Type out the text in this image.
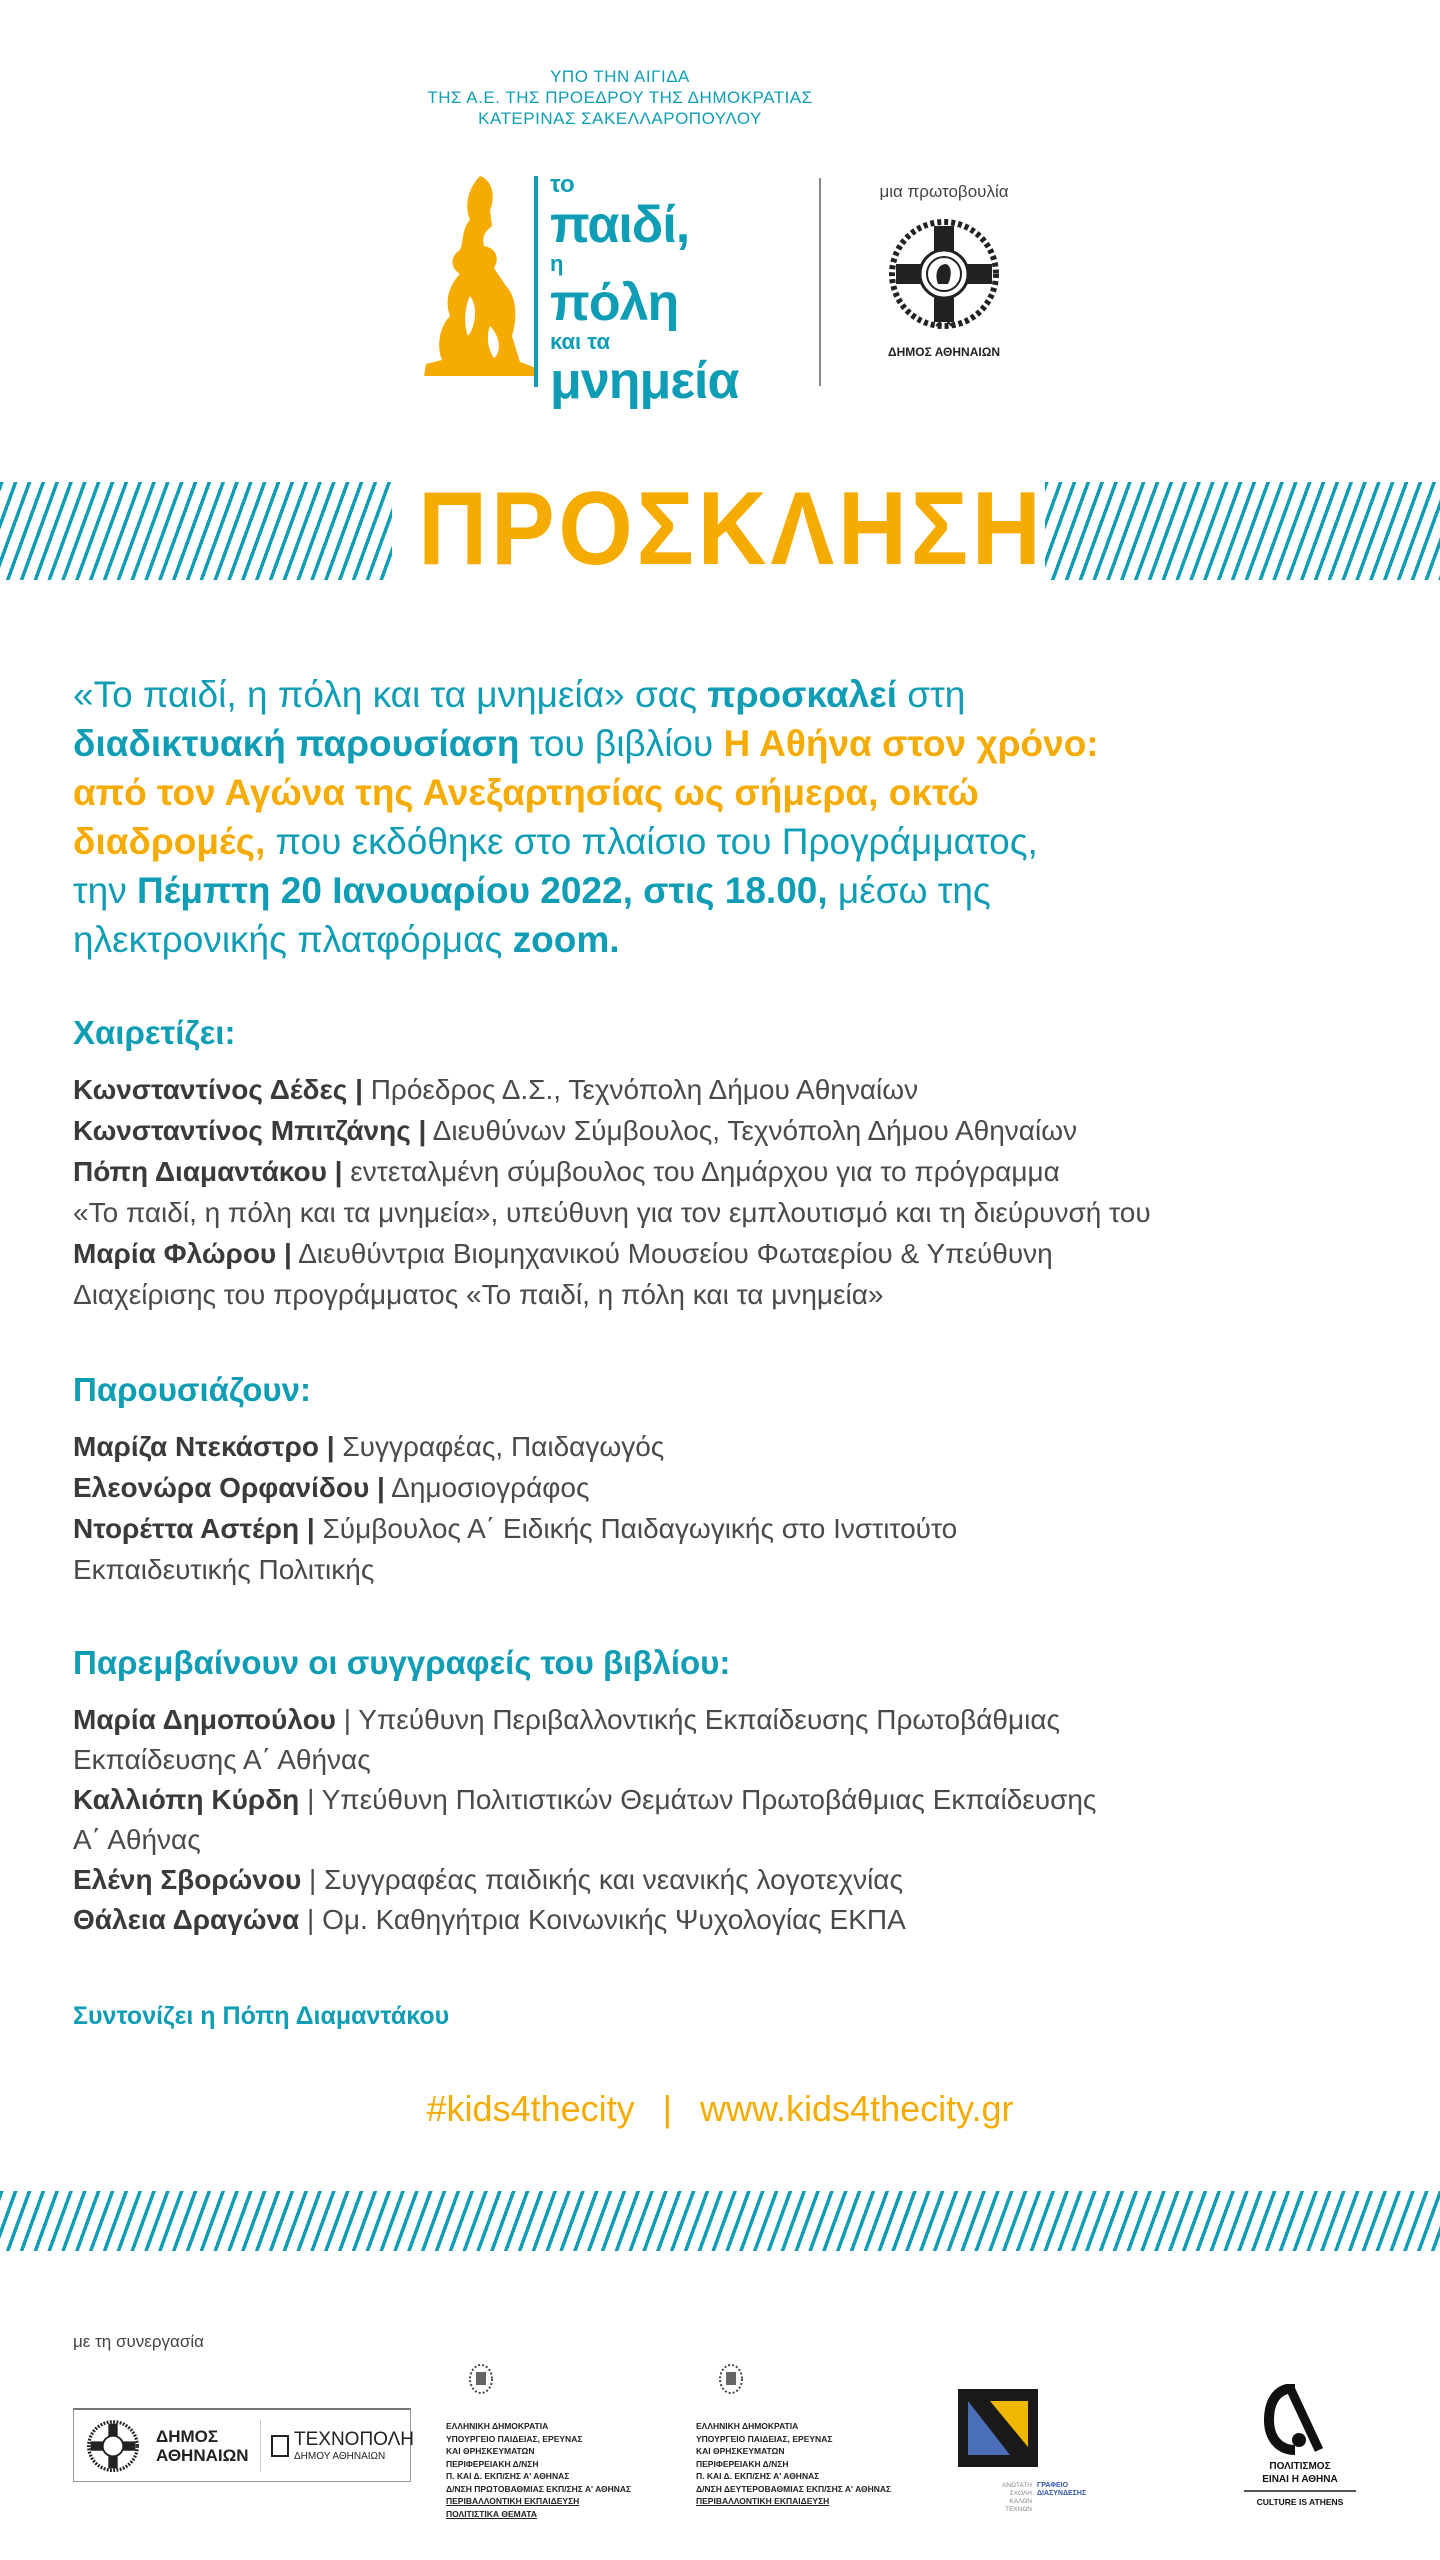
ΥΠΟ ΤΗΝ ΑΙΓΙΔΑ
ΤΗΣ Α.Ε. ΤΗΣ ΠΡΟΕΔΡΟΥ ΤΗΣ ΔΗΜΟΚΡΑΤΙΑΣ
ΚΑΤΕΡΙΝΑΣ ΣΑΚΕΛΛΑΡΟΠΟΥΛΟΥ
το
παιδί,
η
πόλη
και τα
μνημεία
μια πρωτοβουλία
ΔΗΜΟΣ ΑΘΗΝΑΙΩΝ
ΠΡΟΣΚΛΗΣΗ
«Το παιδί, η πόλη και τα μνημεία» σας προσκαλεί στη
διαδικτυακή παρουσίαση του βιβλίου Η Αθήνα στον χρόνο:
από τον Αγώνα της Ανεξαρτησίας ως σήμερα, οκτώ
διαδρομές, που εκδόθηκε στο πλαίσιο του Προγράμματος,
την Πέμπτη 20 Ιανουαρίου 2022, στις 18.00, μέσω της
ηλεκτρονικής πλατφόρμας zoom.
Χαιρετίζει:
Κωνσταντίνος Δέδες | Πρόεδρος Δ.Σ., Τεχνόπολη Δήμου Αθηναίων
Κωνσταντίνος Μπιτζάνης | Διευθύνων Σύμβουλος, Τεχνόπολη Δήμου Αθηναίων
Πόπη Διαμαντάκου | εντεταλμένη σύμβουλος του Δημάρχου για το πρόγραμμα
«Το παιδί, η πόλη και τα μνημεία», υπεύθυνη για τον εμπλουτισμό και τη διεύρυνσή του
Μαρία Φλώρου | Διευθύντρια Βιομηχανικού Μουσείου Φωταερίου & Υπεύθυνη
Διαχείρισης του προγράμματος «Το παιδί, η πόλη και τα μνημεία»
Παρουσιάζουν:
Μαρίζα Ντεκάστρο | Συγγραφέας, Παιδαγωγός
Ελεονώρα Ορφανίδου | Δημοσιογράφος
Ντορέττα Αστέρη | Σύμβουλος Α΄ Ειδικής Παιδαγωγικής στο Ινστιτούτο
Εκπαιδευτικής Πολιτικής
Παρεμβαίνουν οι συγγραφείς του βιβλίου:
Μαρία Δημοπούλου | Υπεύθυνη Περιβαλλοντικής Εκπαίδευσης Πρωτοβάθμιας
Εκπαίδευσης Α΄ Αθήνας
Καλλιόπη Κύρδη | Υπεύθυνη Πολιτιστικών Θεμάτων Πρωτοβάθμιας Εκπαίδευσης
Α΄ Αθήνας
Ελένη Σβορώνου | Συγγραφέας παιδικής και νεανικής λογοτεχνίας
Θάλεια Δραγώνα | Ομ. Καθηγήτρια Κοινωνικής Ψυχολογίας ΕΚΠΑ
Συντονίζει η Πόπη Διαμαντάκου
#kids4thecity | www.kids4thecity.gr
με τη συνεργασία
ΔΗΜΟΣ
ΑΘΗΝΑΙΩΝ
ΤΕΧΝΟΠΟΛΗ
ΔΗΜΟΥ ΑΘΗΝΑΙΩΝ
ΕΛΛΗΝΙΚΗ ΔΗΜΟΚΡΑΤΙΑ
ΥΠΟΥΡΓΕΙΟ ΠΑΙΔΕΙΑΣ, ΕΡΕΥΝΑΣ
ΚΑΙ ΘΡΗΣΚΕΥΜΑΤΩΝ
ΠΕΡΙΦΕΡΕΙΑΚΗ Δ/ΝΣΗ
Π. ΚΑΙ Δ. ΕΚΠ/ΣΗΣ Α' ΑΘΗΝΑΣ
Δ/ΝΣΗ ΠΡΩΤΟΒΑΘΜΙΑΣ ΕΚΠ/ΣΗΣ Α' ΑΘΗΝΑΣ
ΠΕΡΙΒΑΛΛΟΝΤΙΚΗ ΕΚΠΑΙΔΕΥΣΗ
ΠΟΛΙΤΙΣΤΙΚΑ ΘΕΜΑΤΑ
ΕΛΛΗΝΙΚΗ ΔΗΜΟΚΡΑΤΙΑ
ΥΠΟΥΡΓΕΙΟ ΠΑΙΔΕΙΑΣ, ΕΡΕΥΝΑΣ
ΚΑΙ ΘΡΗΣΚΕΥΜΑΤΩΝ
ΠΕΡΙΦΕΡΕΙΑΚΗ Δ/ΝΣΗ
Π. ΚΑΙ Δ. ΕΚΠ/ΣΗΣ Α' ΑΘΗΝΑΣ
Δ/ΝΣΗ ΔΕΥΤΕΡΟΒΑΘΜΙΑΣ ΕΚΠ/ΣΗΣ Α' ΑΘΗΝΑΣ
ΠΕΡΙΒΑΛΛΟΝΤΙΚΗ ΕΚΠΑΙΔΕΥΣΗ
ΑΝΩΤΑΤΗ
ΣΧΟΛΗ
ΚΑΛΩΝ
ΤΕΧΝΩΝ
ΓΡΑΦΕΙΟ
ΔΙΑΣΥΝΔΕΣΗΣ
ΠΟΛΙΤΙΣΜΟΣ
ΕΙΝΑΙ Η ΑΘΗΝΑ
CULTURE IS ATHENS
